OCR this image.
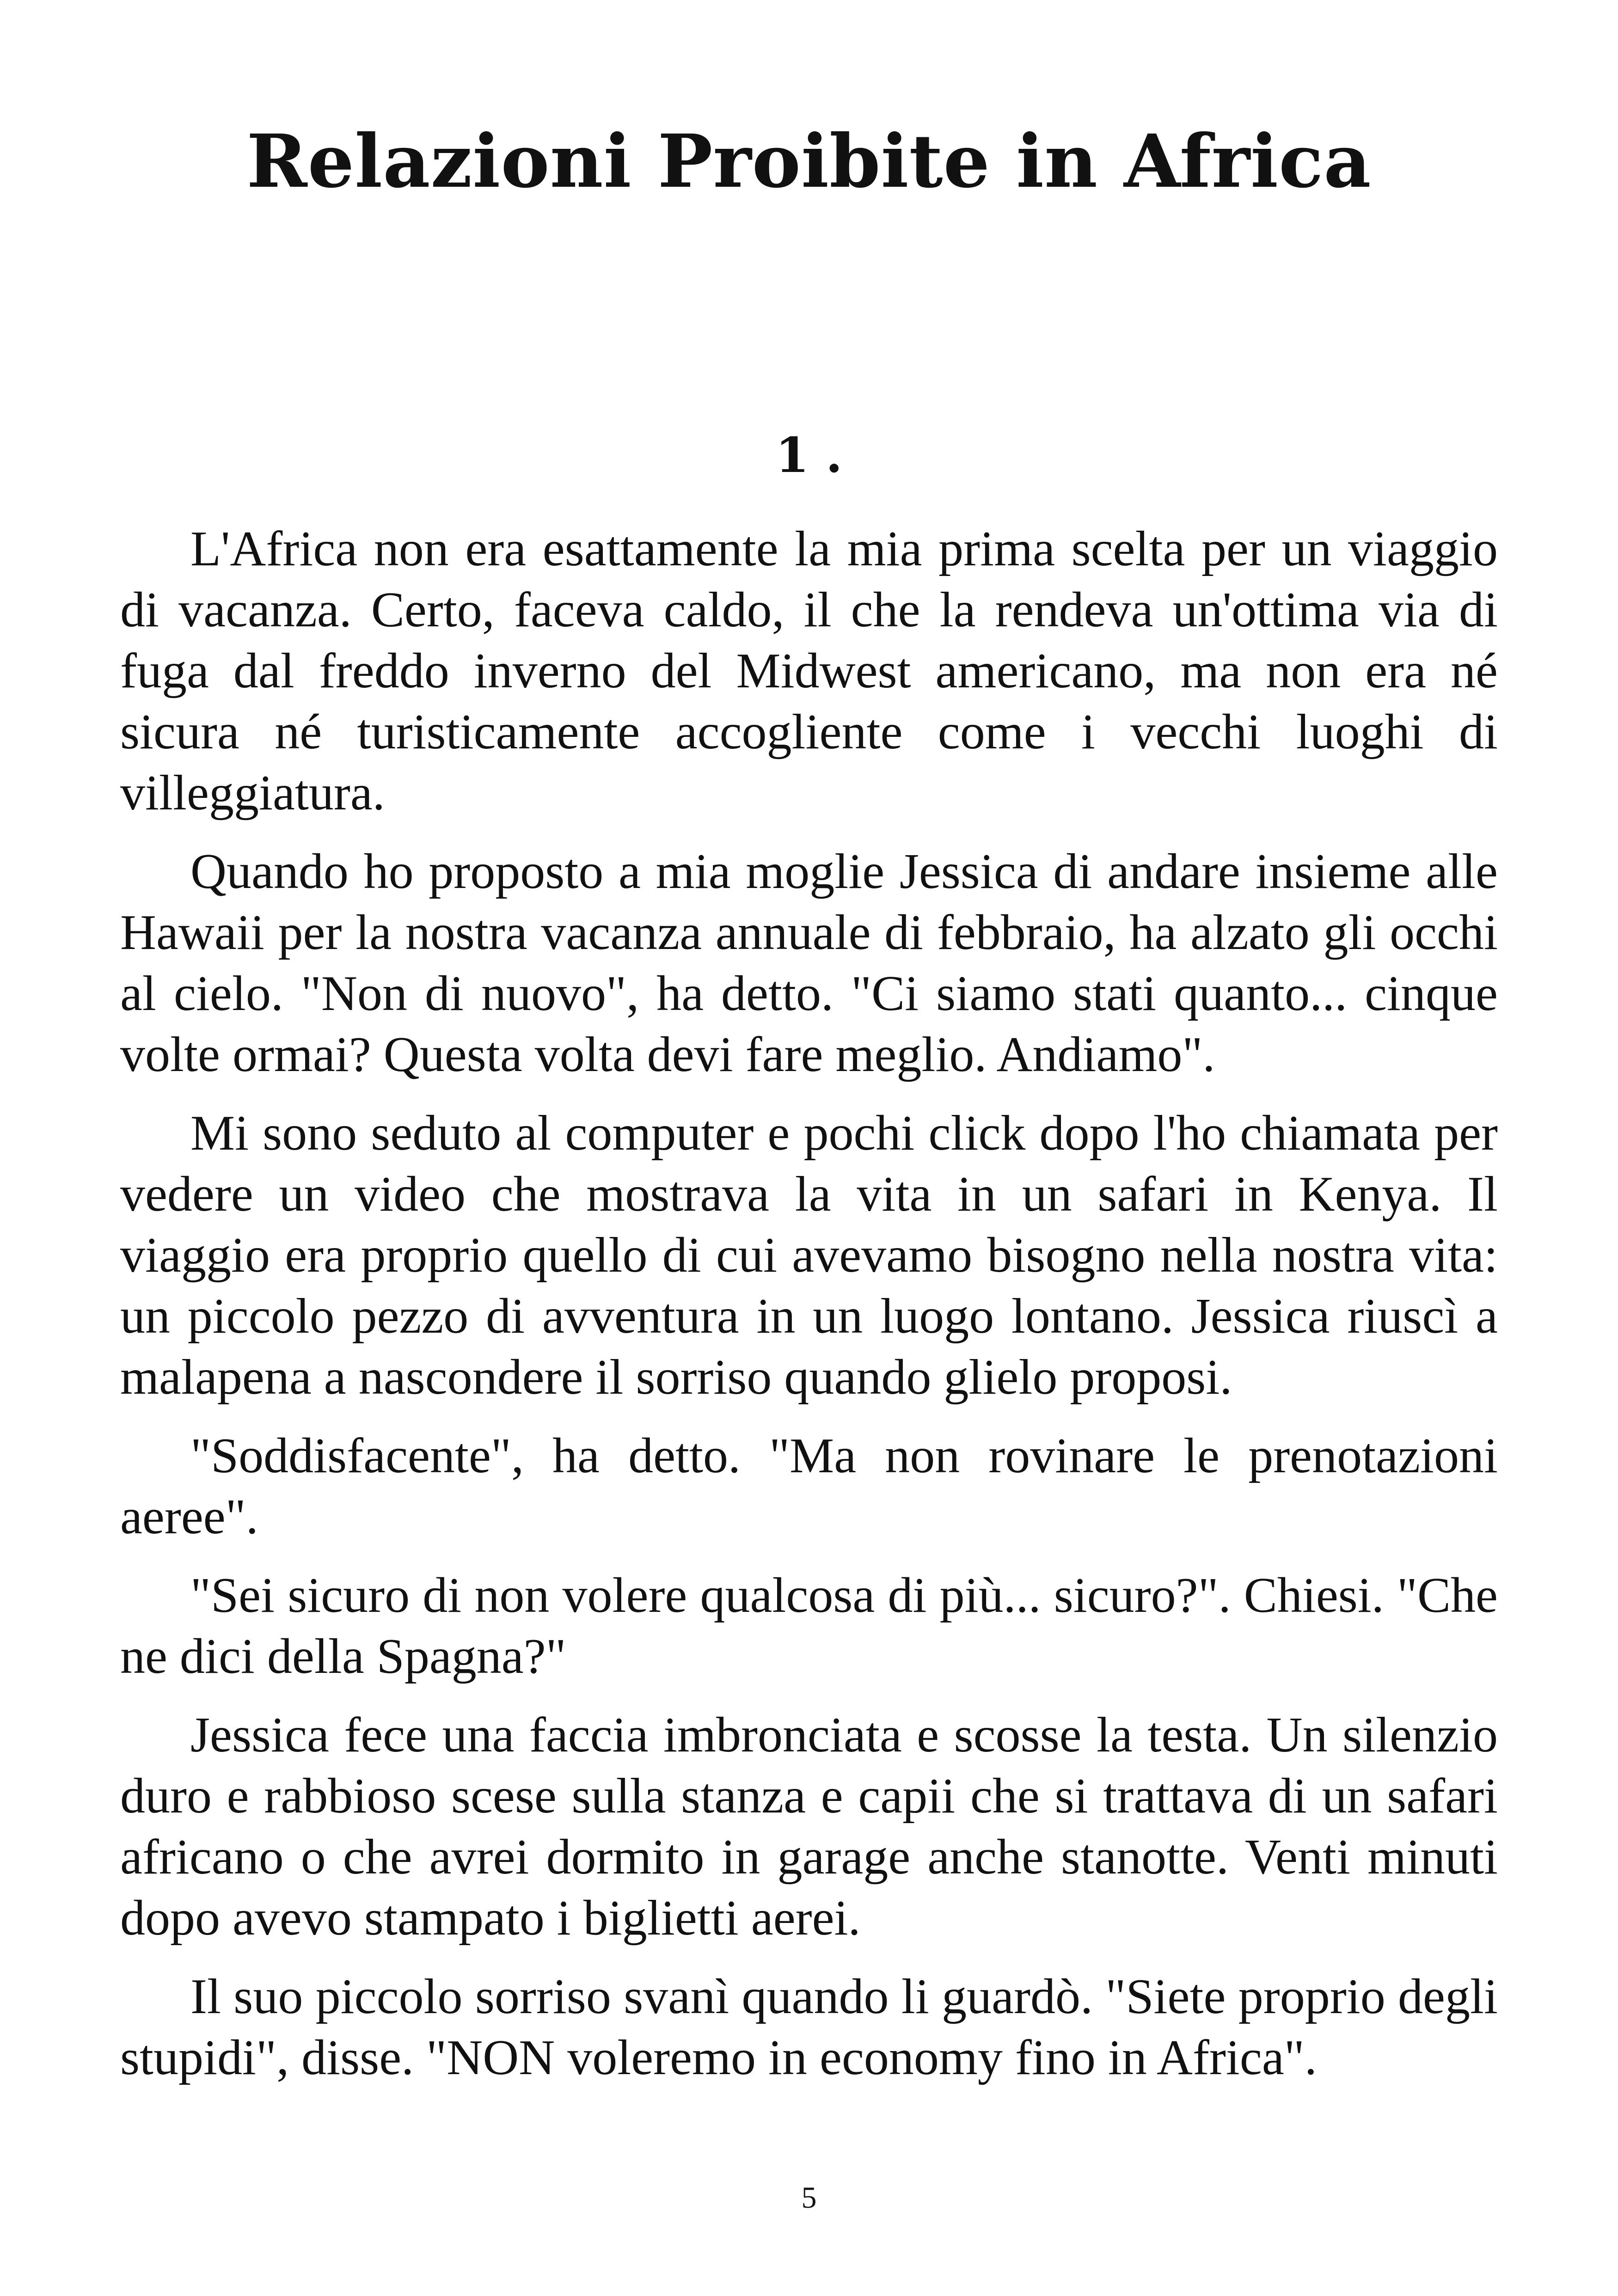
Relazioni Proibite in Africa
1 .

L'Africa non era esattamente la mia prima scelta per un viaggio di vacanza. Certo, faceva caldo, il che la rendeva un'ottima via di fuga dal freddo inverno del Midwest americano, ma non era né sicura né turisticamente accogliente come i vecchi luoghi di villeggiatura.

Quando ho proposto a mia moglie Jessica di andare insieme alle Hawaii per la nostra vacanza annuale di febbraio, ha alzato gli occhi al cielo. "Non di nuovo", ha detto. "Ci siamo stati quanto... cinque volte ormai? Questa volta devi fare meglio. Andiamo".

Mi sono seduto al computer e pochi click dopo l'ho chiamata per vedere un video che mostrava la vita in un safari in Kenya. Il viaggio era proprio quello di cui avevamo bisogno nella nostra vita: un piccolo pezzo di avventura in un luogo lontano. Jessica riuscì a malapena a nascondere il sorriso quando glielo proposi.

"Soddisfacente", ha detto. "Ma non rovinare le prenotazioni aeree".

"Sei sicuro di non volere qualcosa di più... sicuro?". Chiesi. "Che ne dici della Spagna?"

Jessica fece una faccia imbronciata e scosse la testa. Un silenzio duro e rabbioso scese sulla stanza e capii che si trattava di un safari africano o che avrei dormito in garage anche stanotte. Venti minuti dopo avevo stampato i biglietti aerei.

Il suo piccolo sorriso svanì quando li guardò. "Siete proprio degli stupidi", disse. "NON voleremo in economy fino in Africa".

5
